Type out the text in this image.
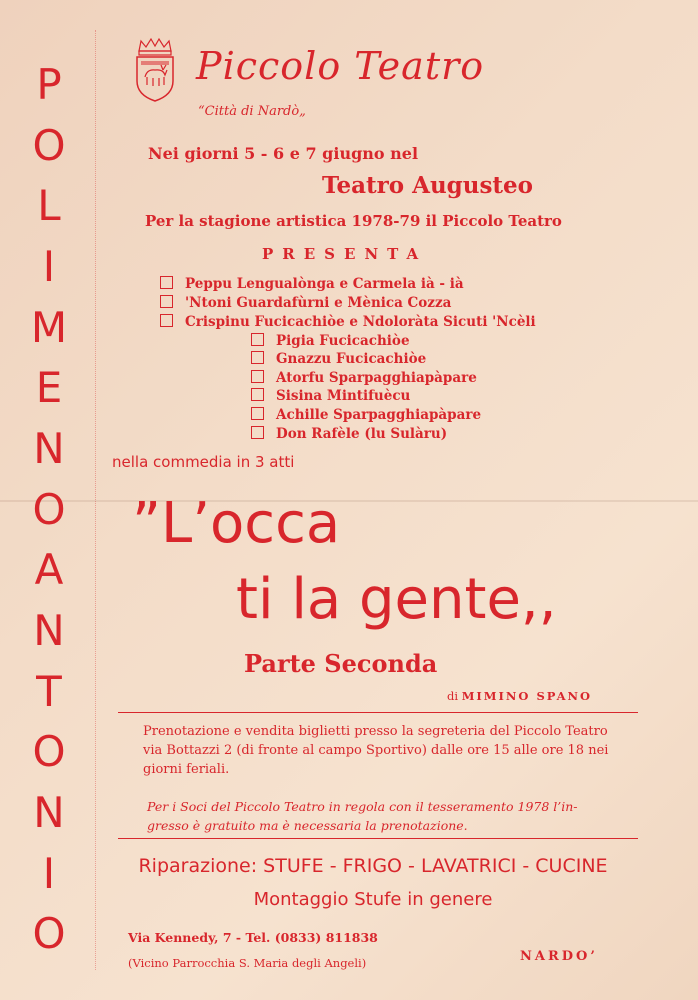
P
O
L
I
M
E
N
O
A
N
T
O
N
I
O
Piccolo Teatro
“Città di Nardò„
Nei giorni 5 - 6 e 7 giugno nel
Teatro Augusteo
Per la stagione artistica 1978-79 il Piccolo Teatro
PRESENTA
Peppu Lengualònga e Carmela ià - ià
'Ntoni Guardafùrni e Mènica Cozza
Crispinu Fucicachiòe e Ndoloràta Sicuti 'Ncèli
Pigia Fucicachiòe
Gnazzu Fucicachiòe
Atorfu Sparpagghiapàpare
Sisina Mintifuècu
Achille Sparpagghiapàpare
Don Rafèle (lu Sulàru)
nella commedia in 3 atti
”L’occa
ti la gente,,
Parte Seconda
di MIMINO SPANO
Prenotazione e vendita biglietti presso la segreteria del Piccolo Teatro
via Bottazzi 2 (di fronte al campo Sportivo) dalle ore 15 alle ore 18 nei
giorni feriali.
Per i Soci del Piccolo Teatro in regola con il tesseramento 1978 l’in-
gresso è gratuito ma è necessaria la prenotazione.
Riparazione: STUFE - FRIGO - LAVATRICI - CUCINE
Montaggio Stufe in genere
Via Kennedy, 7 - Tel. (0833) 811838
(Vicino Parrocchia S. Maria degli Angeli)	NARDO’
